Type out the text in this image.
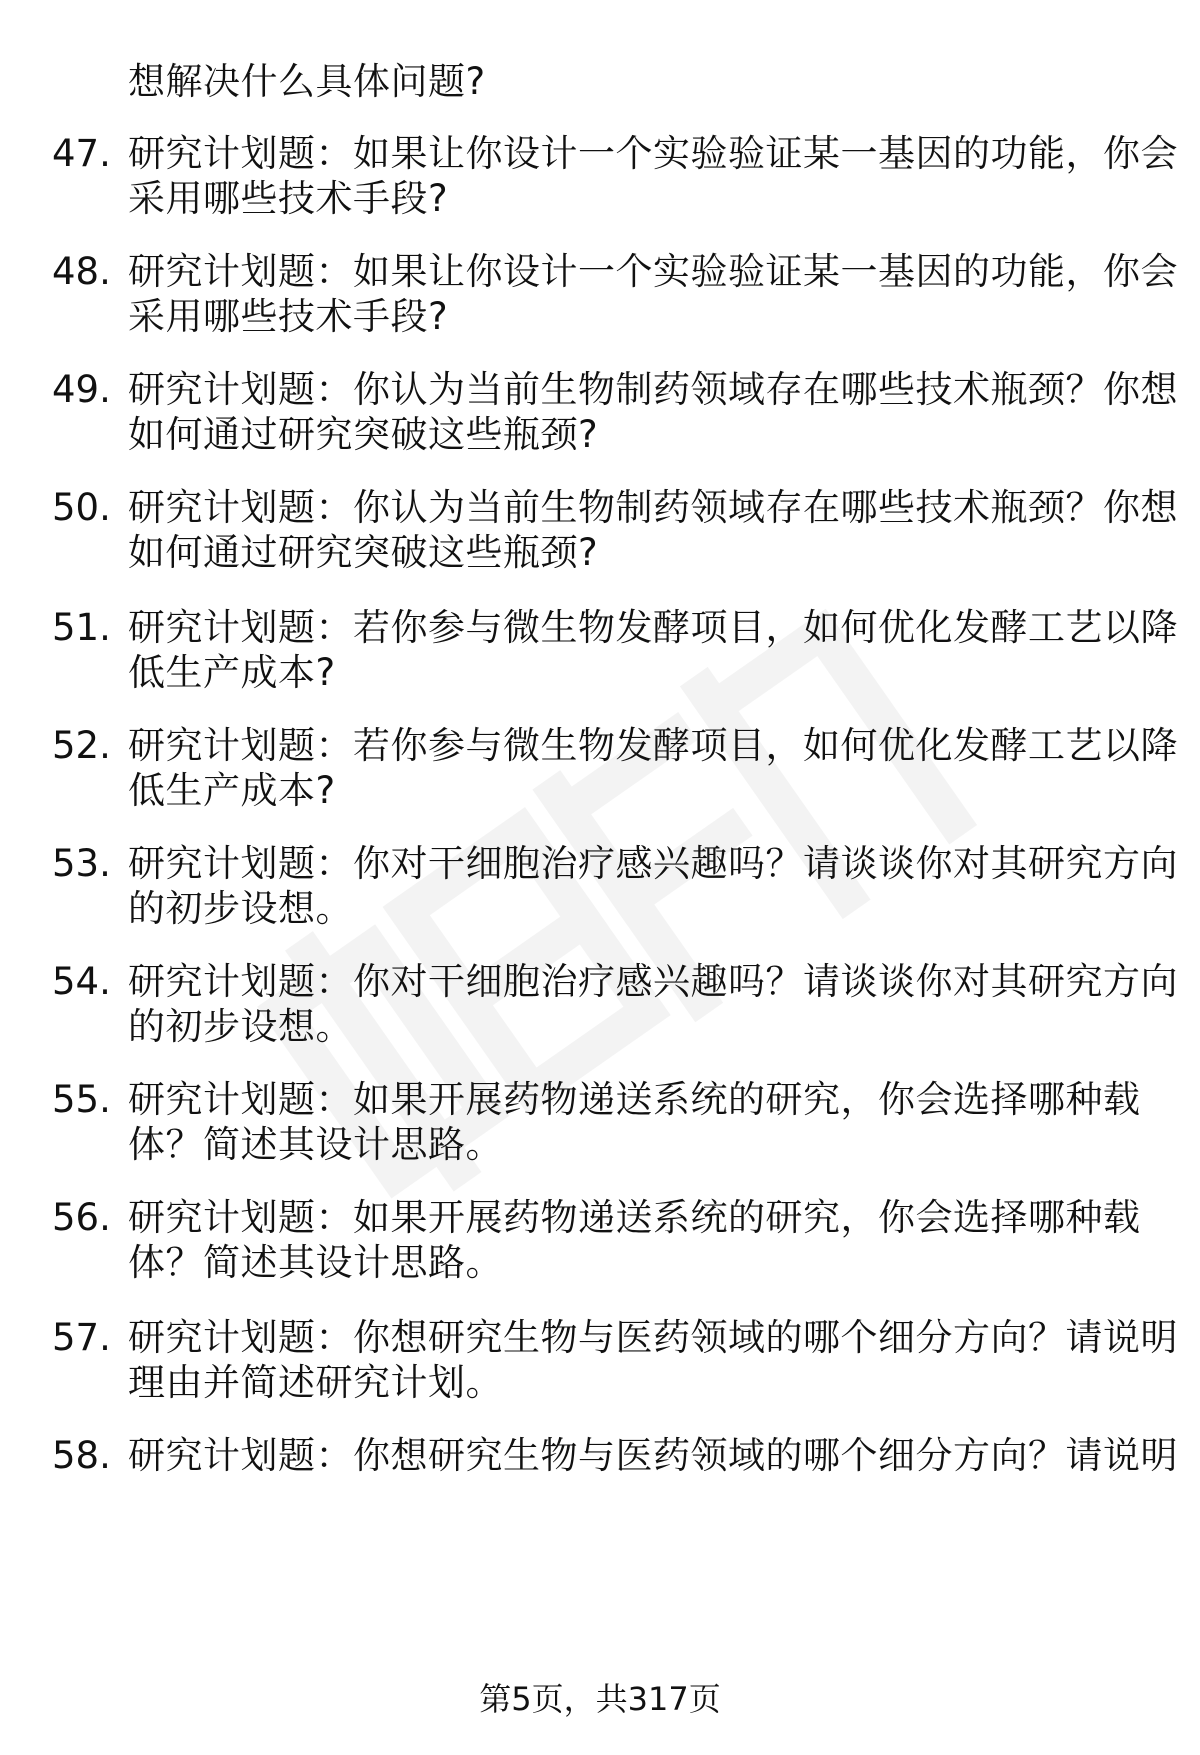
想解决什么具体问题?
47. 研究计划题：如果让你设计一个实验验证某一基因的功能，你会
采用哪些技术手段?
48. 研究计划题：如果让你设计一个实验验证某一基因的功能，你会
采用哪些技术手段?
49. 研究计划题：你认为当前生物制药领域存在哪些技术瓶颈？你想
如何通过研究突破这些瓶颈?
50. 研究计划题：你认为当前生物制药领域存在哪些技术瓶颈？你想
如何通过研究突破这些瓶颈?
51. 研究计划题：若你参与微生物发酵项目，如何优化发酵工艺以降
低生产成本?
52. 研究计划题：若你参与微生物发酵项目，如何优化发酵工艺以降
低生产成本?
53. 研究计划题：你对干细胞治疗感兴趣吗？请谈谈你对其研究方向
的初步设想。
54. 研究计划题：你对干细胞治疗感兴趣吗？请谈谈你对其研究方向
的初步设想。
55. 研究计划题：如果开展药物递送系统的研究，你会选择哪种载
体？简述其设计思路。
56. 研究计划题：如果开展药物递送系统的研究，你会选择哪种载
体？简述其设计思路。
57. 研究计划题：你想研究生物与医药领域的哪个细分方向？请说明
理由并简述研究计划。
58. 研究计划题：你想研究生物与医药领域的哪个细分方向？请说明
第5页，共317页
